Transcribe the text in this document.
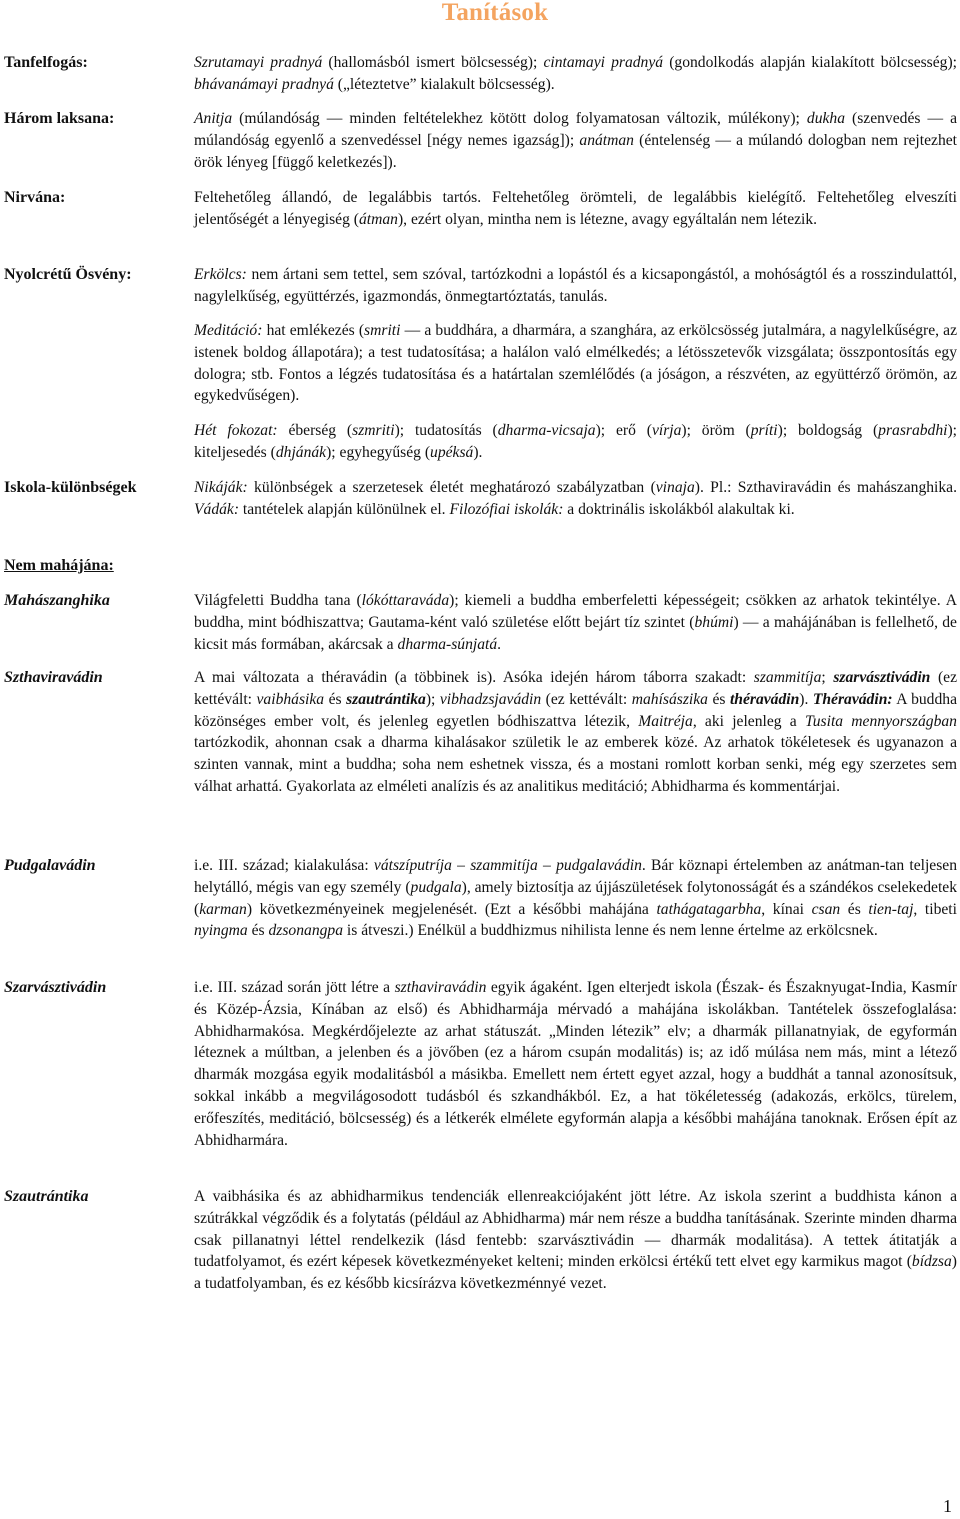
Tanítások
Tanfelfogás:	Szrutamayi pradnyá (hallomásból ismert bölcsesség); cintamayi pradnyá (gondolkodás alapján kialakított bölcsesség); bhávanámayi pradnyá („léteztetve” kialakult bölcsesség).
Három laksana:	Anitja (múlandóság — minden feltételekhez kötött dolog folyamatosan változik, múlékony); dukha (szenvedés — a múlandóság egyenlő a szenvedéssel [négy nemes igazság]); anátman (éntelenség — a múlandó dologban nem rejtezhet örök lényeg [függő keletkezés]).
Nirvána:	Feltehetőleg állandó, de legalábbis tartós. Feltehetőleg örömteli, de legalábbis kielégítő. Feltehetőleg elveszíti jelentőségét a lényegiség (átman), ezért olyan, mintha nem is létezne, avagy egyáltalán nem létezik.
Nyolcrétű Ösvény:	Erkölcs: nem ártani sem tettel, sem szóval, tartózkodni a lopástól és a kicsapongástól, a mohóságtól és a rosszindulattól, nagylelkűség, együttérzés, igazmondás, önmegtartóztatás, tanulás.
Meditáció: hat emlékezés (smriti — a buddhára, a dharmára, a szanghára, az erkölcsösség jutalmára, a nagylelkűségre, az istenek boldog állapotára); a test tudatosítása; a halálon való elmélkedés; a létösszetevők vizsgálata; összpontosítás egy dologra; stb. Fontos a légzés tudatosítása és a határtalan szemlélődés (a jóságon, a részvéten, az együttérző örömön, az egykedvűségen).
Hét fokozat: éberség (szmriti); tudatosítás (dharma-vicsaja); erő (vírja); öröm (príti); boldogság (prasrabdhi); kiteljesedés (dhjánák); egyhegyűség (upéksá).
Iskola-különbségek	Nikáják: különbségek a szerzetesek életét meghatározó szabályzatban (vinaja). Pl.: Szthaviravádin és mahászanghika. Vádák: tantételek alapján különülnek el. Filozófiai iskolák: a doktrinális iskolákból alakultak ki.
Nem mahájána:
Mahászanghika	Világfeletti Buddha tana (lókóttaraváda); kiemeli a buddha emberfeletti képességeit; csökken az arhatok tekintélye. A buddha, mint bódhiszattva; Gautama-ként való születése előtt bejárt tíz szintet (bhúmi) — a mahájánában is fellelhető, de kicsit más formában, akárcsak a dharma-súnjatá.
Szthaviravádin	A mai változata a théravádin (a többinek is). Asóka idején három táborra szakadt: szammitíja; szarvásztivádin (ez kettévált: vaibhásika és szautrántika); vibhadzsjavádin (ez kettévált: mahísászika és théravádin). Théravádin: A buddha közönséges ember volt, és jelenleg egyetlen bódhiszattva létezik, Maitréja, aki jelenleg a Tusita mennyországban tartózkodik, ahonnan csak a dharma kihalásakor születik le az emberek közé. Az arhatok tökéletesek és ugyanazon a szinten vannak, mint a buddha; soha nem eshetnek vissza, és a mostani romlott korban senki, még egy szerzetes sem válhat arhattá. Gyakorlata az elméleti analízis és az analitikus meditáció; Abhidharma és kommentárjai.
Pudgalavádin	i.e. III. század; kialakulása: vátszíputríja – szammitíja – pudgalavádin. Bár köznapi értelemben az anátman-tan teljesen helytálló, mégis van egy személy (pudgala), amely biztosítja az újjászületések folytonosságát és a szándékos cselekedetek (karman) következményeinek megjelenését. (Ezt a későbbi mahájána tathágatagarbha, kínai csan és tien-taj, tibeti nyingma és dzsonangpa is átveszi.) Enélkül a buddhizmus nihilista lenne és nem lenne értelme az erkölcsnek.
Szarvásztivádin	i.e. III. század során jött létre a szthaviravádin egyik ágaként. Igen elterjedt iskola (Észak- és Északnyugat-India, Kasmír és Közép-Ázsia, Kínában az első) és Abhidharmája mérvadó a mahájána iskolákban. Tantételek összefoglalása: Abhidharmakósa. Megkérdőjelezte az arhat státuszát. „Minden létezik” elv; a dharmák pillanatnyiak, de egyformán léteznek a múltban, a jelenben és a jövőben (ez a három csupán modalitás) is; az idő múlása nem más, mint a létező dharmák mozgása egyik modalitásból a másikba. Emellett nem értett egyet azzal, hogy a buddhát a tannal azonosítsuk, sokkal inkább a megvilágosodott tudásból és szkandhákból. Ez, a hat tökéletesség (adakozás, erkölcs, türelem, erőfeszítés, meditáció, bölcsesség) és a létkerék elmélete egyformán alapja a későbbi mahájána tanoknak. Erősen épít az Abhidharmára.
Szautrántika	A vaibhásika és az abhidharmikus tendenciák ellenreakciójaként jött létre. Az iskola szerint a buddhista kánon a szútrákkal végződik és a folytatás (például az Abhidharma) már nem része a buddha tanításának. Szerinte minden dharma csak pillanatnyi léttel rendelkezik (lásd fentebb: szarvásztivádin — dharmák modalitása). A tettek átitatják a tudatfolyamot, és ezért képesek következményeket kelteni; minden erkölcsi értékű tett elvet egy karmikus magot (bídzsa) a tudatfolyamban, és ez később kicsírázva következménnyé vezet.
1
